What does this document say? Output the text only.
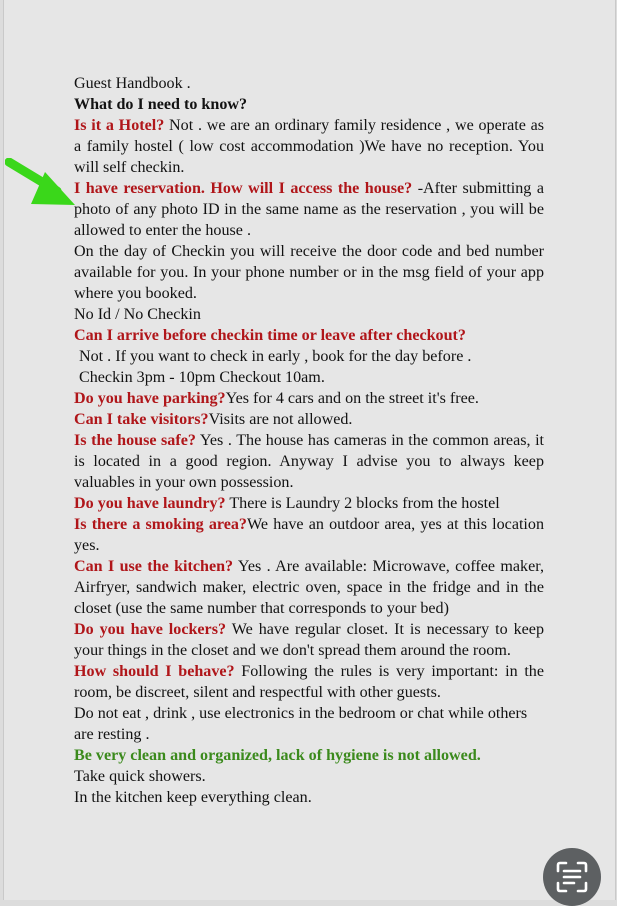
Guest Handbook .

What do I need to know?

Is it a Hotel? Not . we are an ordinary family residence , we operate as a family hostel ( low cost accommodation )We have no reception. You will self checkin.

I have reservation. How will I access the house? -After submitting a photo of any photo ID in the same name as the reservation , you will be allowed to enter the house .

On the day of Checkin you will receive the door code and bed number available for you. In your phone number or in the msg field of your app where you booked.

No Id / No Checkin

Can I arrive before checkin time or leave after checkout?

Not . If you want to check in early , book for the day before .

Checkin 3pm - 10pm Checkout 10am.

Do you have parking?Yes for 4 cars and on the street it's free.

Can I take visitors?Visits are not allowed.

Is the house safe? Yes . The house has cameras in the common areas, it is located in a good region. Anyway I advise you to always keep valuables in your own possession.

Do you have laundry? There is Laundry 2 blocks from the hostel

Is there a smoking area?We have an outdoor area, yes at this location yes.

Can I use the kitchen? Yes . Are available: Microwave, coffee maker, Airfryer, sandwich maker, electric oven, space in the fridge and in the closet (use the same number that corresponds to your bed)

Do you have lockers? We have regular closet. It is necessary to keep your things in the closet and we don't spread them around the room.

How should I behave? Following the rules is very important: in the room, be discreet, silent and respectful with other guests.

Do not eat , drink , use electronics in the bedroom or chat while others are resting .

Be very clean and organized, lack of hygiene is not allowed.

Take quick showers.

In the kitchen keep everything clean.
